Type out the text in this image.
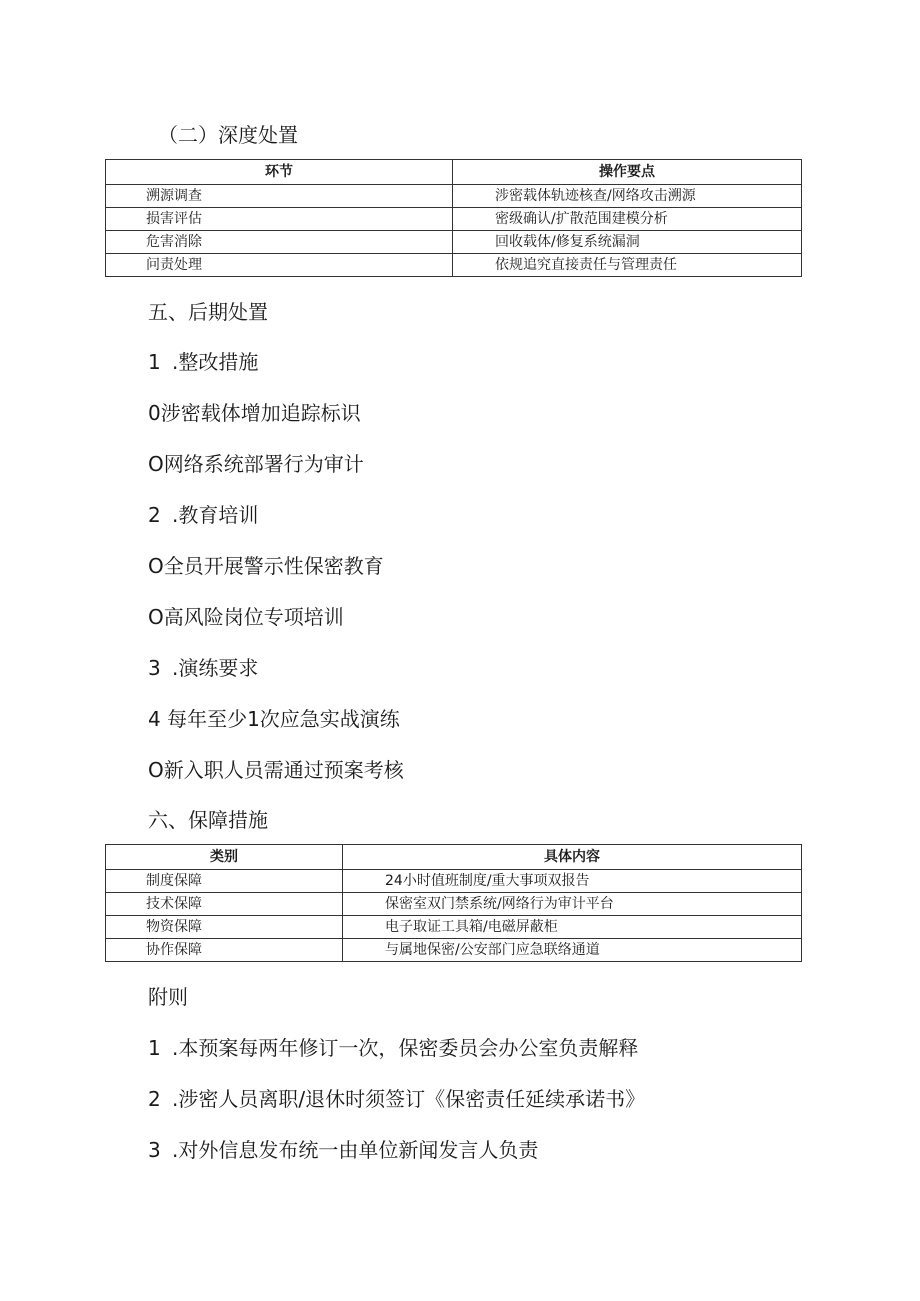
（二）深度处置
环节	操作要点
溯源调查	涉密载体轨迹核查/网络攻击溯源
损害评估	密级确认/扩散范围建模分析
危害消除	回收载体/修复系统漏洞
问责处理	依规追究直接责任与管理责任
五、后期处置

1 .整改措施

0涉密载体增加追踪标识

O网络系统部署行为审计

2 .教育培训

O全员开展警示性保密教育

O高风险岗位专项培训

3 .演练要求

4 每年至少1次应急实战演练

O新入职人员需通过预案考核

六、保障措施
类别	具体内容
制度保障	24小时值班制度/重大事项双报告
技术保障	保密室双门禁系统/网络行为审计平台
物资保障	电子取证工具箱/电磁屏蔽柜
协作保障	与属地保密/公安部门应急联络通道
附则

1 .本预案每两年修订一次，保密委员会办公室负责解释

2 .涉密人员离职/退休时须签订《保密责任延续承诺书》

3 .对外信息发布统一由单位新闻发言人负责
